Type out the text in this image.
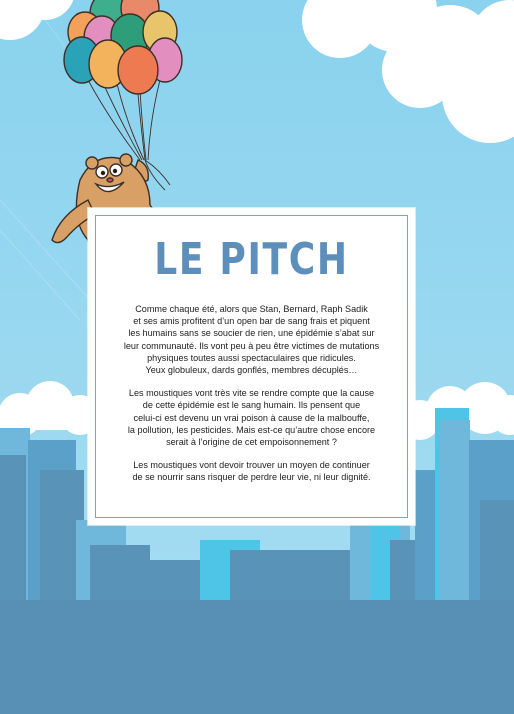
LE PITCH
Comme chaque été, alors que Stan, Bernard, Raph Sadik
et ses amis profitent d’un open bar de sang frais et piquent
les humains sans se soucier de rien, une épidémie s’abat sur
leur communauté. Ils vont peu à peu être victimes de mutations
physiques toutes aussi spectaculaires que ridicules.
Yeux globuleux, dards gonflés, membres décuplés…
Les moustiques vont très vite se rendre compte que la cause
de cette épidémie est le sang humain. Ils pensent que
celui-ci est devenu un vrai poison à cause de la malbouffe,
la pollution, les pesticides. Mais est-ce qu’autre chose encore
serait à l’origine de cet empoisonnement ?
Les moustiques vont devoir trouver un moyen de continuer
de se nourrir sans risquer de perdre leur vie, ni leur dignité.
